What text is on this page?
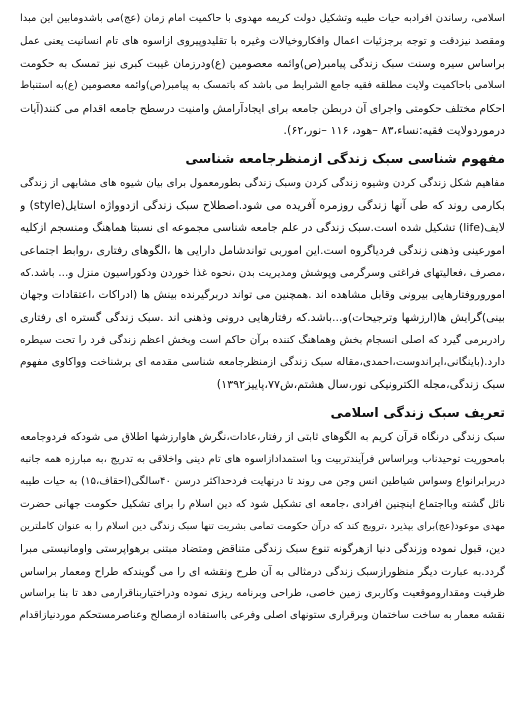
اسلامی، رساندن افرادبه حیات طیبه وتشکیل دولت کریمه مهدوی با حاکمیت امام زمان (عج)می باشدومابین این مبدا
ومقصد نیزدقت و توجه برجزئیات اعمال وافکاروخیالات وغیره با تقلیدوپیروی ازاسوه های تام انسانیت یعنی عمل
براساس سیره وسنت سبک زندگی پیامبر(ص)وائمه معصومین (ع)ودرزمان غیبت کبری نیز تمسک به حکومت
اسلامی باحاکمیت ولایت مطلقه فقیه جامع الشرایط می باشد که باتمسک به پیامبر(ص)وائمه معصومین (ع)به استنباط
احکام مختلف حکومتی واجرای آن دربطن جامعه برای ایجادآرامش وامنیت درسطح جامعه اقدام می کنند(آیات
درموردولایت فقیه:نساء،۸۳ –هود، ۱۱۶ –نور،۶۲).
مفهوم شناسی سبک زندگی ازمنظرجامعه شناسی
مفاهیم شکل زندگی کردن وشیوه زندگی کردن وسبک زندگی بطورمعمول برای بیان شیوه های مشابهی از زندگی
بکارمی روند که طی آنها زندگی روزمره آفریده می شود.اصطلاح سبک زندگی ازدوواژه استایل(style) و
لایف(life) تشکیل شده است.سبک زندگی در علم جامعه شناسی مجموعه ای نسبتا هماهنگ ومنسجم ازکلیه
امورعینی وذهنی زندگی فردیاگروه است.این اموربی تواندشامل دارایی ها ،الگوهای رفتاری ،روابط اجتماعی
،مصرف ،فعالیتهای فراغتی وسرگرمی وپوشش ومدیریت بدن ،نحوه غذا خوردن ودکوراسیون منزل و... باشد.که
اموروروفتارهایی بیرونی وقابل مشاهده اند .همچنین می تواند دربرگیرنده بینش ها (ادراکات ،اعتقادات وجهان
بینی)گرایش ها(ارزشها وترجیحات)و...باشد.که رفتارهایی درونی وذهنی اند .سبک زندگی گستره ای رفتاری
رادربرمی گیرد که اصلی انسجام بخش وهماهنگ کننده برآن حاکم است وبخش اعظم زندگی فرد را تحت سیطره
دارد.(باینگانی،ایراندوست،احمدی،مقاله سبک زندگی ازمنظرجامعه شناسی مقدمه ای برشناخت وواکاوی مفهوم
سبک زندگی،مجله الکترونیکی نور،سال هشتم،ش۷۷،پاییز۱۳۹۲)
تعریف سبک زندگی اسلامی
سبک زندگی درنگاه قرآن کریم به الگوهای ثابتی از رفتار،عادات،نگرش هاوارزشها اطلاق می شودکه فردوجامعه
بامحوریت توحیدناب وبراساس فرآیندتربیت وبا استمدادازاسوه های تام دینی واخلاقی به تدریج ،به مبارزه همه جانبه
دربرابرانواع وسواس شیاطین انس وجن می روند تا درنهایت فردحداکثر درسن ۴۰سالگی(احقاف،۱۵) به حیات طیبه
نائل گشته وبااجتماع اینچنین افرادی ،جامعه ای تشکیل شود که دین اسلام را برای تشکیل حکومت جهانی حضرت
مهدی موعود(عج)برای بپذیرد ،ترویج کند که درآن حکومت تمامی بشریت تنها سبک زندگی دین اسلام را به عنوان کاملترین
دین، قبول نموده وزندگی دنیا ازهرگونه تنوع سبک زندگی متناقض ومتضاد مبتنی برهواپرستی واومانیستی مبرا
گردد.به عبارت دیگر منظورازسبک زندگی درمثالی به آن طرح ونقشه ای را می گویندکه طراح ومعمار براساس
ظرفیت ومقداروموقعیت وکاربری زمین خاصی، طراحی وبرنامه ریزی نموده ودراختیاربناقرارمی دهد تا بنا براساس
نقشه معمار به ساخت ساختمان وبرقراری ستونهای اصلی وفرعی بااستفاده ازمصالح وعناصرمستحکم موردنیازاقدام
